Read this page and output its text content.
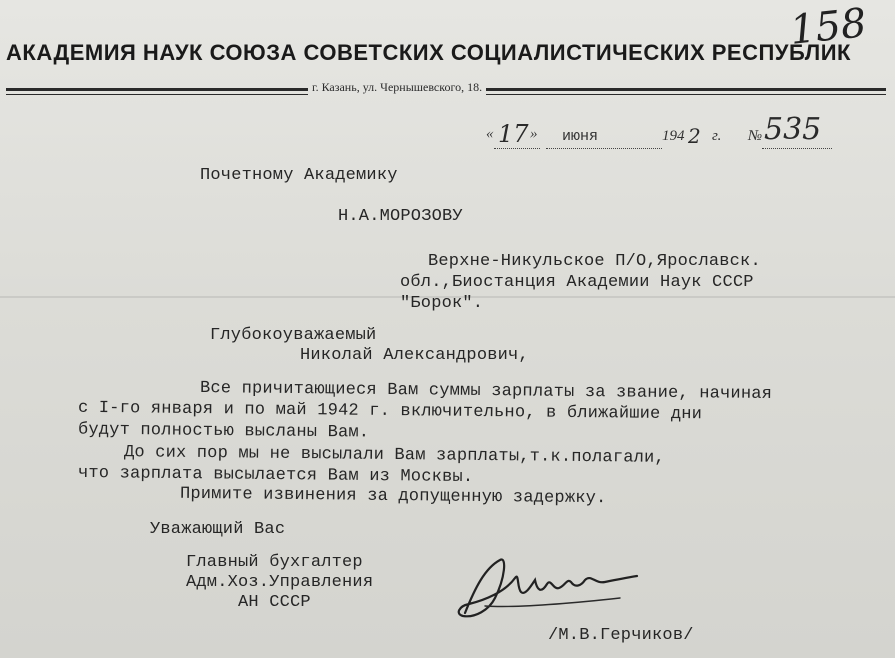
158
АКАДЕМИЯ НАУК СОЮЗА СОВЕТСКИХ СОЦИАЛИСТИЧЕСКИХ РЕСПУБЛИК
г. Казань, ул. Чернышевского, 18.
« 17 » июня	194 2 г. № 535
Почетному Академику
Н.А.МОРОЗОВУ
Верхне-Никульское П/О,Ярославск.
обл.,Биостанция Академии Наук СССР
"Борок".
Глубокоуважаемый
Николай Александрович,
Все причитающиеся Вам суммы зарплаты за звание, начиная
с I-го января и по май 1942 г. включительно, в ближайшие дни
будут полностью высланы Вам.
До сих пор мы не высылали Вам зарплаты,т.к.полагали,
что зарплата высылается Вам из Москвы.
Примите извинения за допущенную задержку.
Уважающий Вас
Главный бухгалтер
Адм.Хоз.Управления
АН СССР
/М.В.Герчиков/
